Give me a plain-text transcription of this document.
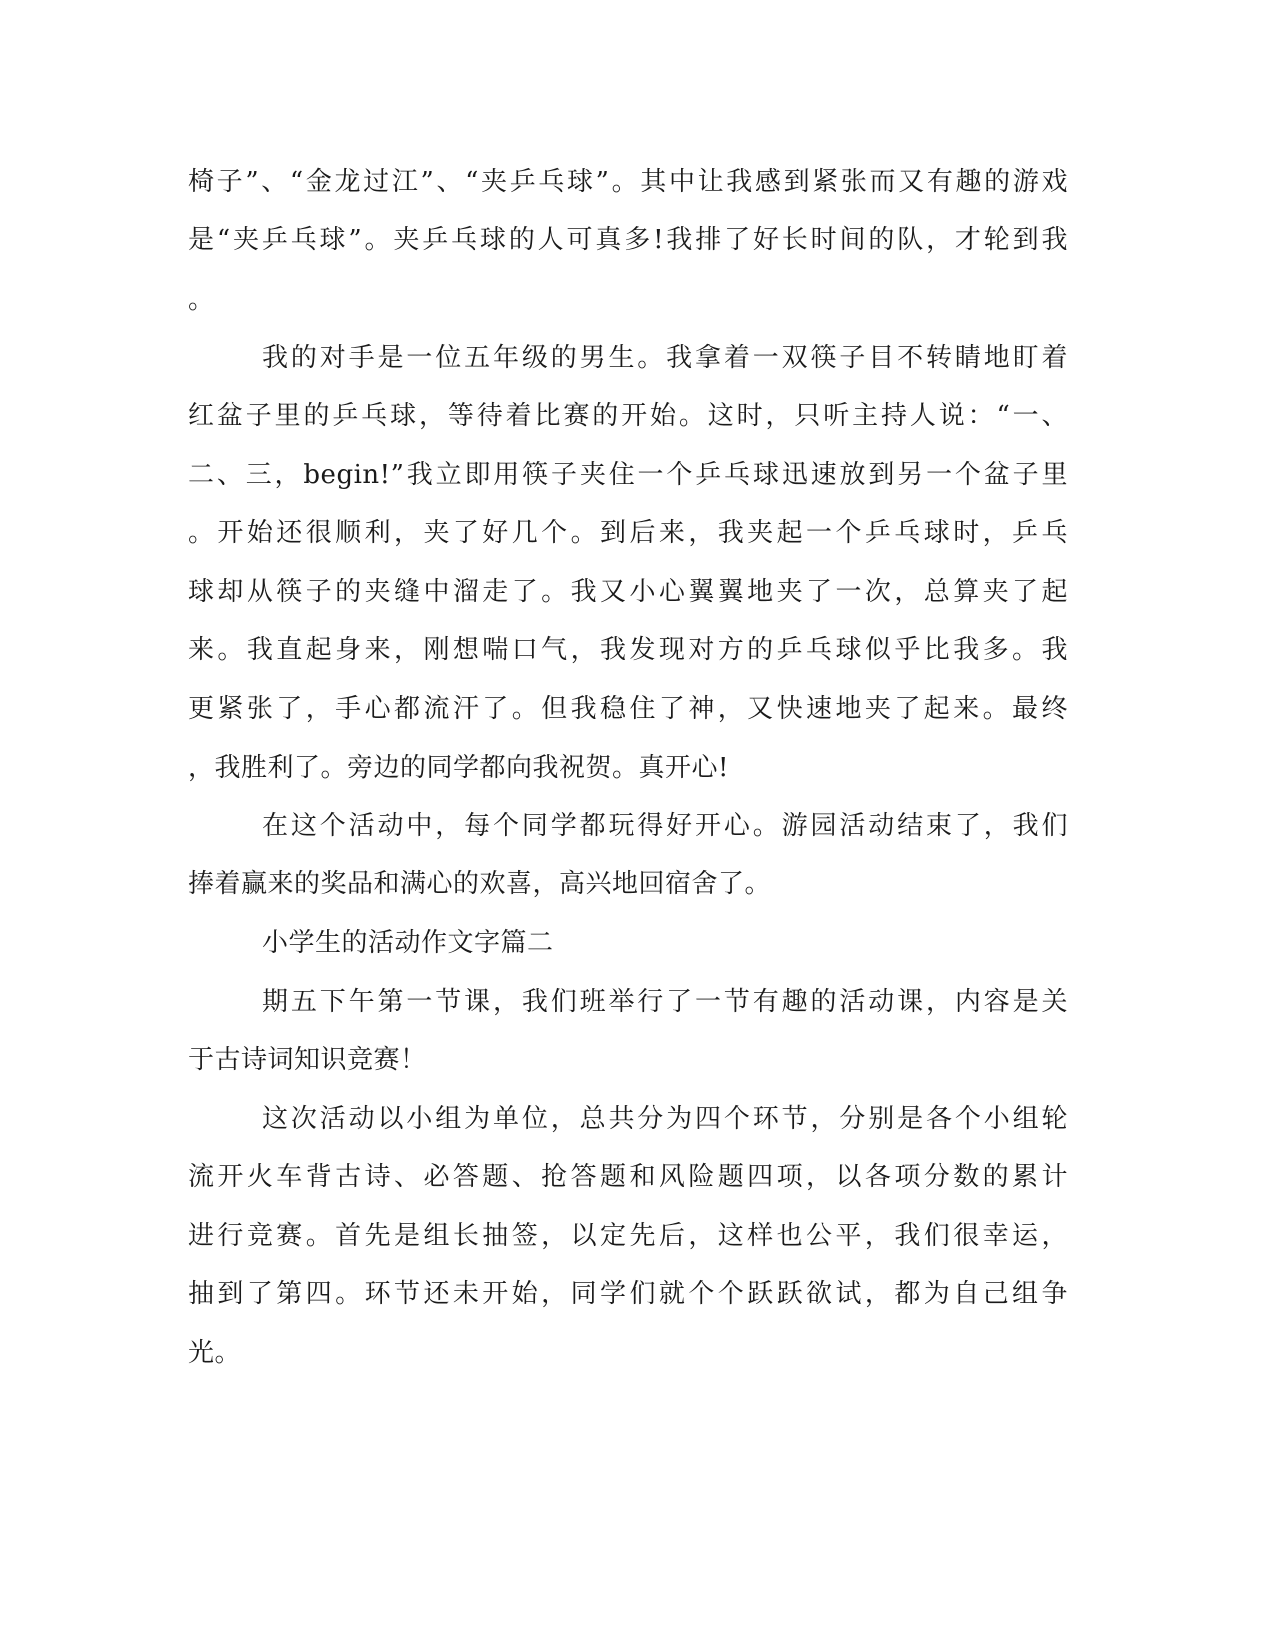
椅子”、“金龙过江”、“夹乒乓球”。其中让我感到紧张而又有趣的游戏
是“夹乒乓球”。夹乒乓球的人可真多!我排了好长时间的队，才轮到我
。
我的对手是一位五年级的男生。我拿着一双筷子目不转睛地盯着
红盆子里的乒乓球，等待着比赛的开始。这时，只听主持人说：“一、
二、三，begin!”我立即用筷子夹住一个乒乓球迅速放到另一个盆子里
。开始还很顺利，夹了好几个。到后来，我夹起一个乒乓球时，乒乓
球却从筷子的夹缝中溜走了。我又小心翼翼地夹了一次，总算夹了起
来。我直起身来，刚想喘口气，我发现对方的乒乓球似乎比我多。我
更紧张了，手心都流汗了。但我稳住了神，又快速地夹了起来。最终
，我胜利了。旁边的同学都向我祝贺。真开心!
在这个活动中，每个同学都玩得好开心。游园活动结束了，我们
捧着赢来的奖品和满心的欢喜，高兴地回宿舍了。
小学生的活动作文字篇二
期五下午第一节课，我们班举行了一节有趣的活动课，内容是关
于古诗词知识竞赛！
这次活动以小组为单位，总共分为四个环节，分别是各个小组轮
流开火车背古诗、必答题、抢答题和风险题四项，以各项分数的累计
进行竞赛。首先是组长抽签，以定先后，这样也公平，我们很幸运，
抽到了第四。环节还未开始，同学们就个个跃跃欲试，都为自己组争
光。
